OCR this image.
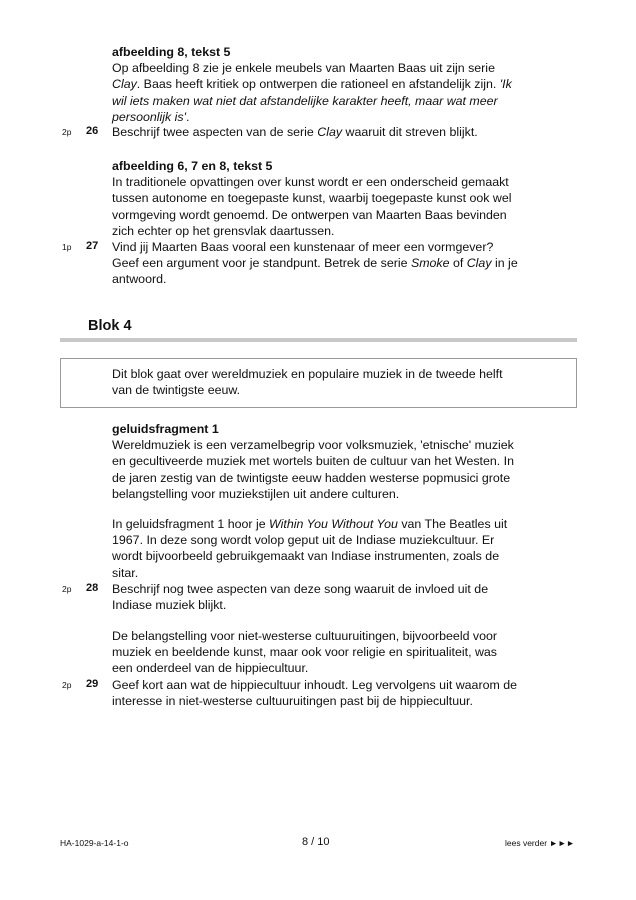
afbeelding 8, tekst 5
Op afbeelding 8 zie je enkele meubels van Maarten Baas uit zijn serie
Clay. Baas heeft kritiek op ontwerpen die rationeel en afstandelijk zijn. 'Ik
wil iets maken wat niet dat afstandelijke karakter heeft, maar wat meer
persoonlijk is'.
2p 26 Beschrijf twee aspecten van de serie Clay waaruit dit streven blijkt.
afbeelding 6, 7 en 8, tekst 5
In traditionele opvattingen over kunst wordt er een onderscheid gemaakt
tussen autonome en toegepaste kunst, waarbij toegepaste kunst ook wel
vormgeving wordt genoemd. De ontwerpen van Maarten Baas bevinden
zich echter op het grensvlak daartussen.
1p 27 Vind jij Maarten Baas vooral een kunstenaar of meer een vormgever?
Geef een argument voor je standpunt. Betrek de serie Smoke of Clay in je
antwoord.
Blok 4
Dit blok gaat over wereldmuziek en populaire muziek in de tweede helft
van de twintigste eeuw.
geluidsfragment 1
Wereldmuziek is een verzamelbegrip voor volksmuziek, 'etnische' muziek
en gecultiveerde muziek met wortels buiten de cultuur van het Westen. In
de jaren zestig van de twintigste eeuw hadden westerse popmusici grote
belangstelling voor muziekstijlen uit andere culturen.
In geluidsfragment 1 hoor je Within You Without You van The Beatles uit
1967. In deze song wordt volop geput uit de Indiase muziekcultuur. Er
wordt bijvoorbeeld gebruikgemaakt van Indiase instrumenten, zoals de
sitar.
2p 28 Beschrijf nog twee aspecten van deze song waaruit de invloed uit de
Indiase muziek blijkt.
De belangstelling voor niet-westerse cultuuruitingen, bijvoorbeeld voor
muziek en beeldende kunst, maar ook voor religie en spiritualiteit, was
een onderdeel van de hippiecultuur.
2p 29 Geef kort aan wat de hippiecultuur inhoudt. Leg vervolgens uit waarom de
interesse in niet-westerse cultuuruitingen past bij de hippiecultuur.
HA-1029-a-14-1-o	8 / 10	lees verder ►►►
